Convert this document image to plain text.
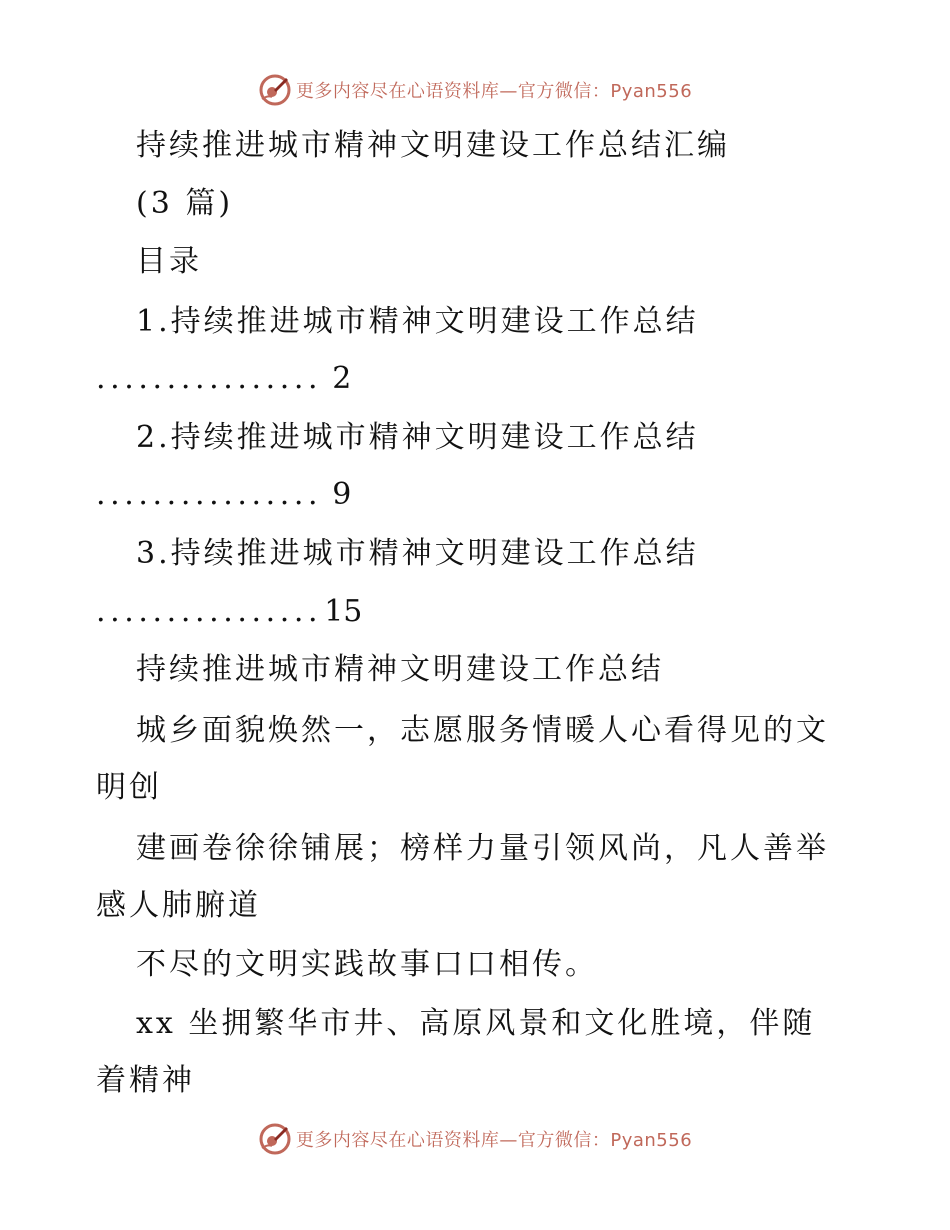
更多内容尽在心语资料库—官方微信：Pyan556
持续推进城市精神文明建设工作总结汇编
(3 篇)
目录
1.持续推进城市精神文明建设工作总结
................ 2
2.持续推进城市精神文明建设工作总结
................ 9
3.持续推进城市精神文明建设工作总结
................15
持续推进城市精神文明建设工作总结
城乡面貌焕然一，志愿服务情暖人心看得见的文
明创
建画卷徐徐铺展；榜样力量引领风尚，凡人善举
感人肺腑道
不尽的文明实践故事口口相传。
xx 坐拥繁华市井、高原风景和文化胜境，伴随
着精神
更多内容尽在心语资料库—官方微信：Pyan556
